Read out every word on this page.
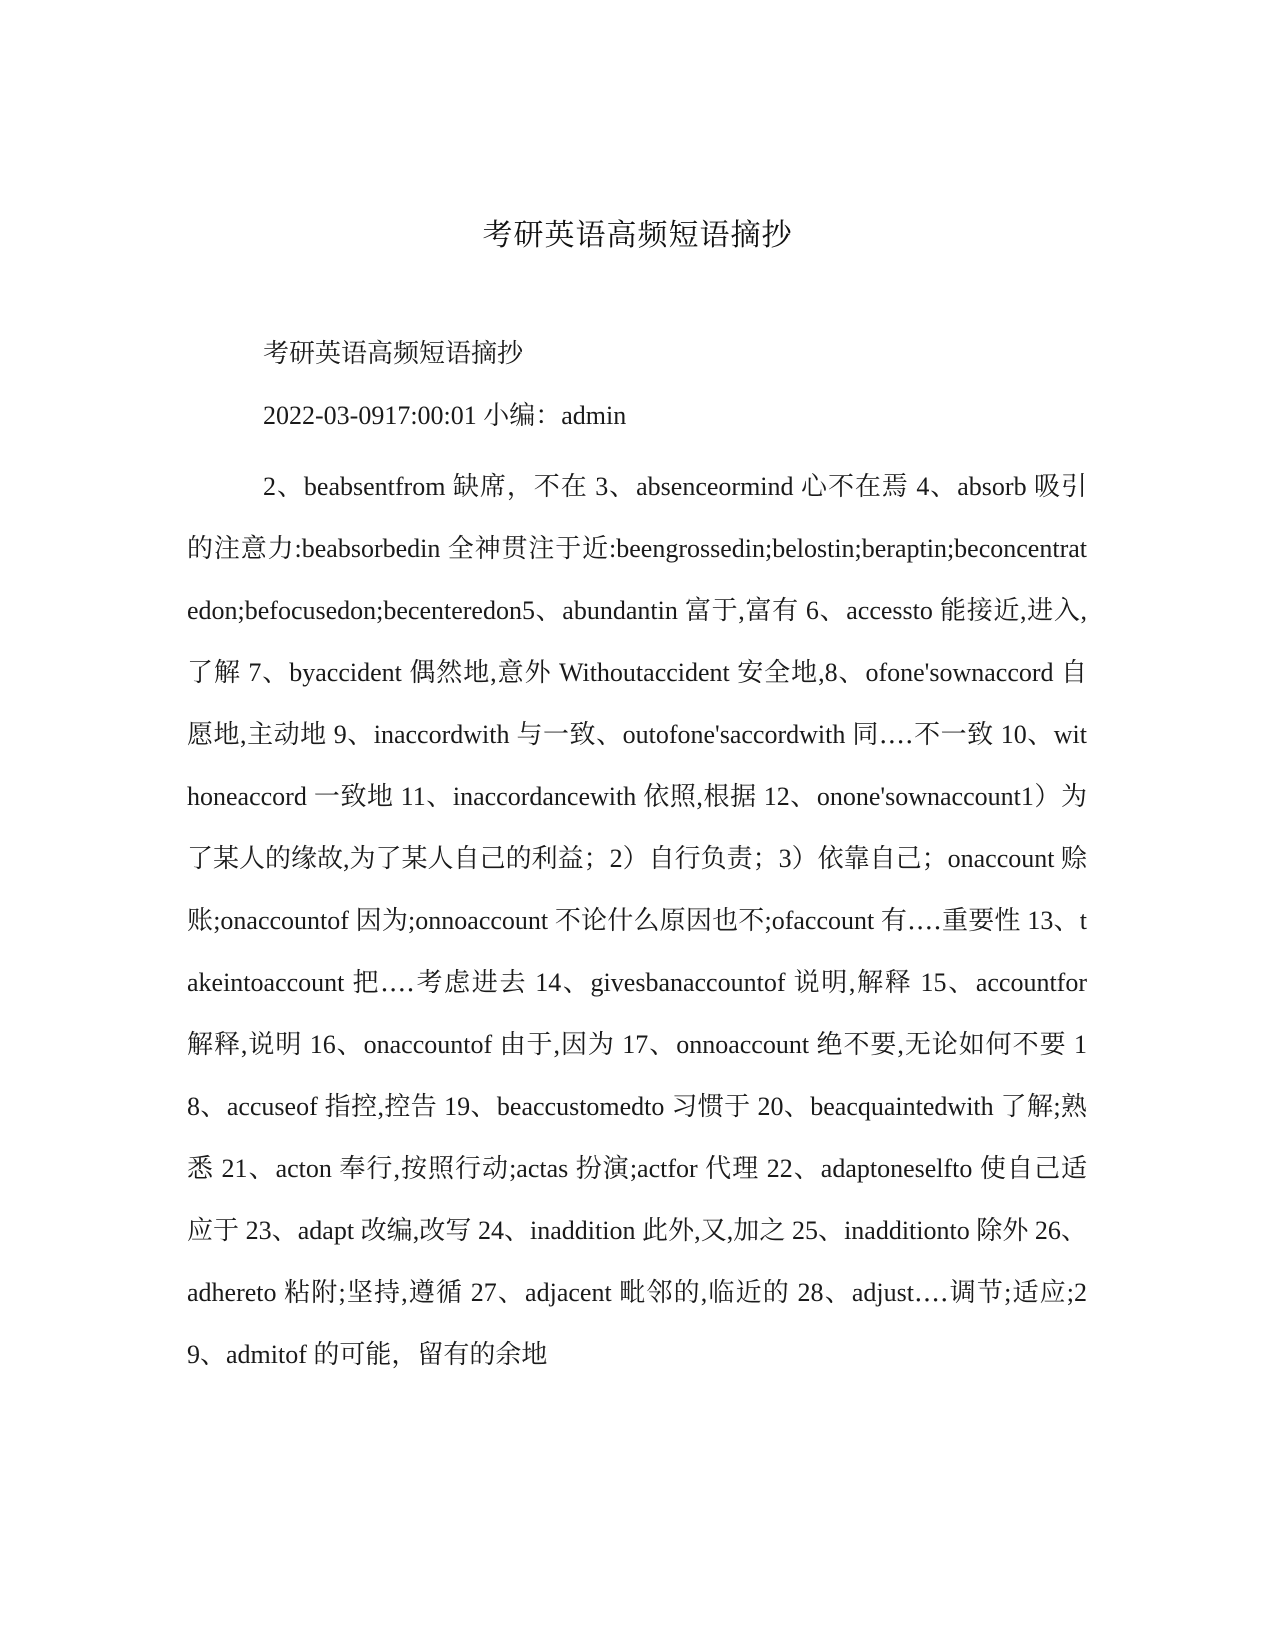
考研英语高频短语摘抄
考研英语高频短语摘抄
2022-03-0917:00:01 小编：admin

2、beabsentfrom 缺席，不在 3、absenceormind 心不在焉 4、absorb 吸引的注意力:beabsorbedin 全神贯注于近:beengrossedin;belostin;beraptin;beconcentratedon;befocusedon;becenteredon5、abundantin 富于,富有 6、accessto 能接近,进入,了解 7、byaccident 偶然地,意外 Withoutaccident 安全地,8、ofone'sownaccord 自愿地,主动地 9、inaccordwith 与一致、outofone'saccordwith 同‥‥不一致 10、withoneaccord 一致地 11、inaccordancewith 依照,根据 12、onone'sownaccount1）为了某人的缘故,为了某人自己的利益；2）自行负责；3）依靠自己；onaccount 赊账;onaccountof 因为;onnoaccount 不论什么原因也不;ofaccount 有‥‥重要性 13、takeintoaccount 把‥‥考虑进去 14、givesbanaccountof 说明,解释 15、accountfor 解释,说明 16、onaccountof 由于,因为 17、onnoaccount 绝不要,无论如何不要 18、accuseof 指控,控告 19、beaccustomedto 习惯于 20、beacquaintedwith 了解;熟悉 21、acton 奉行,按照行动;actas 扮演;actfor 代理 22、adaptoneselfto 使自己适应于 23、adapt 改编,改写 24、inaddition 此外,又,加之 25、inadditionto 除外 26、adhereto 粘附;坚持,遵循 27、adjacent 毗邻的,临近的 28、adjust‥‥调节;适应;29、admitof 的可能，留有的余地
